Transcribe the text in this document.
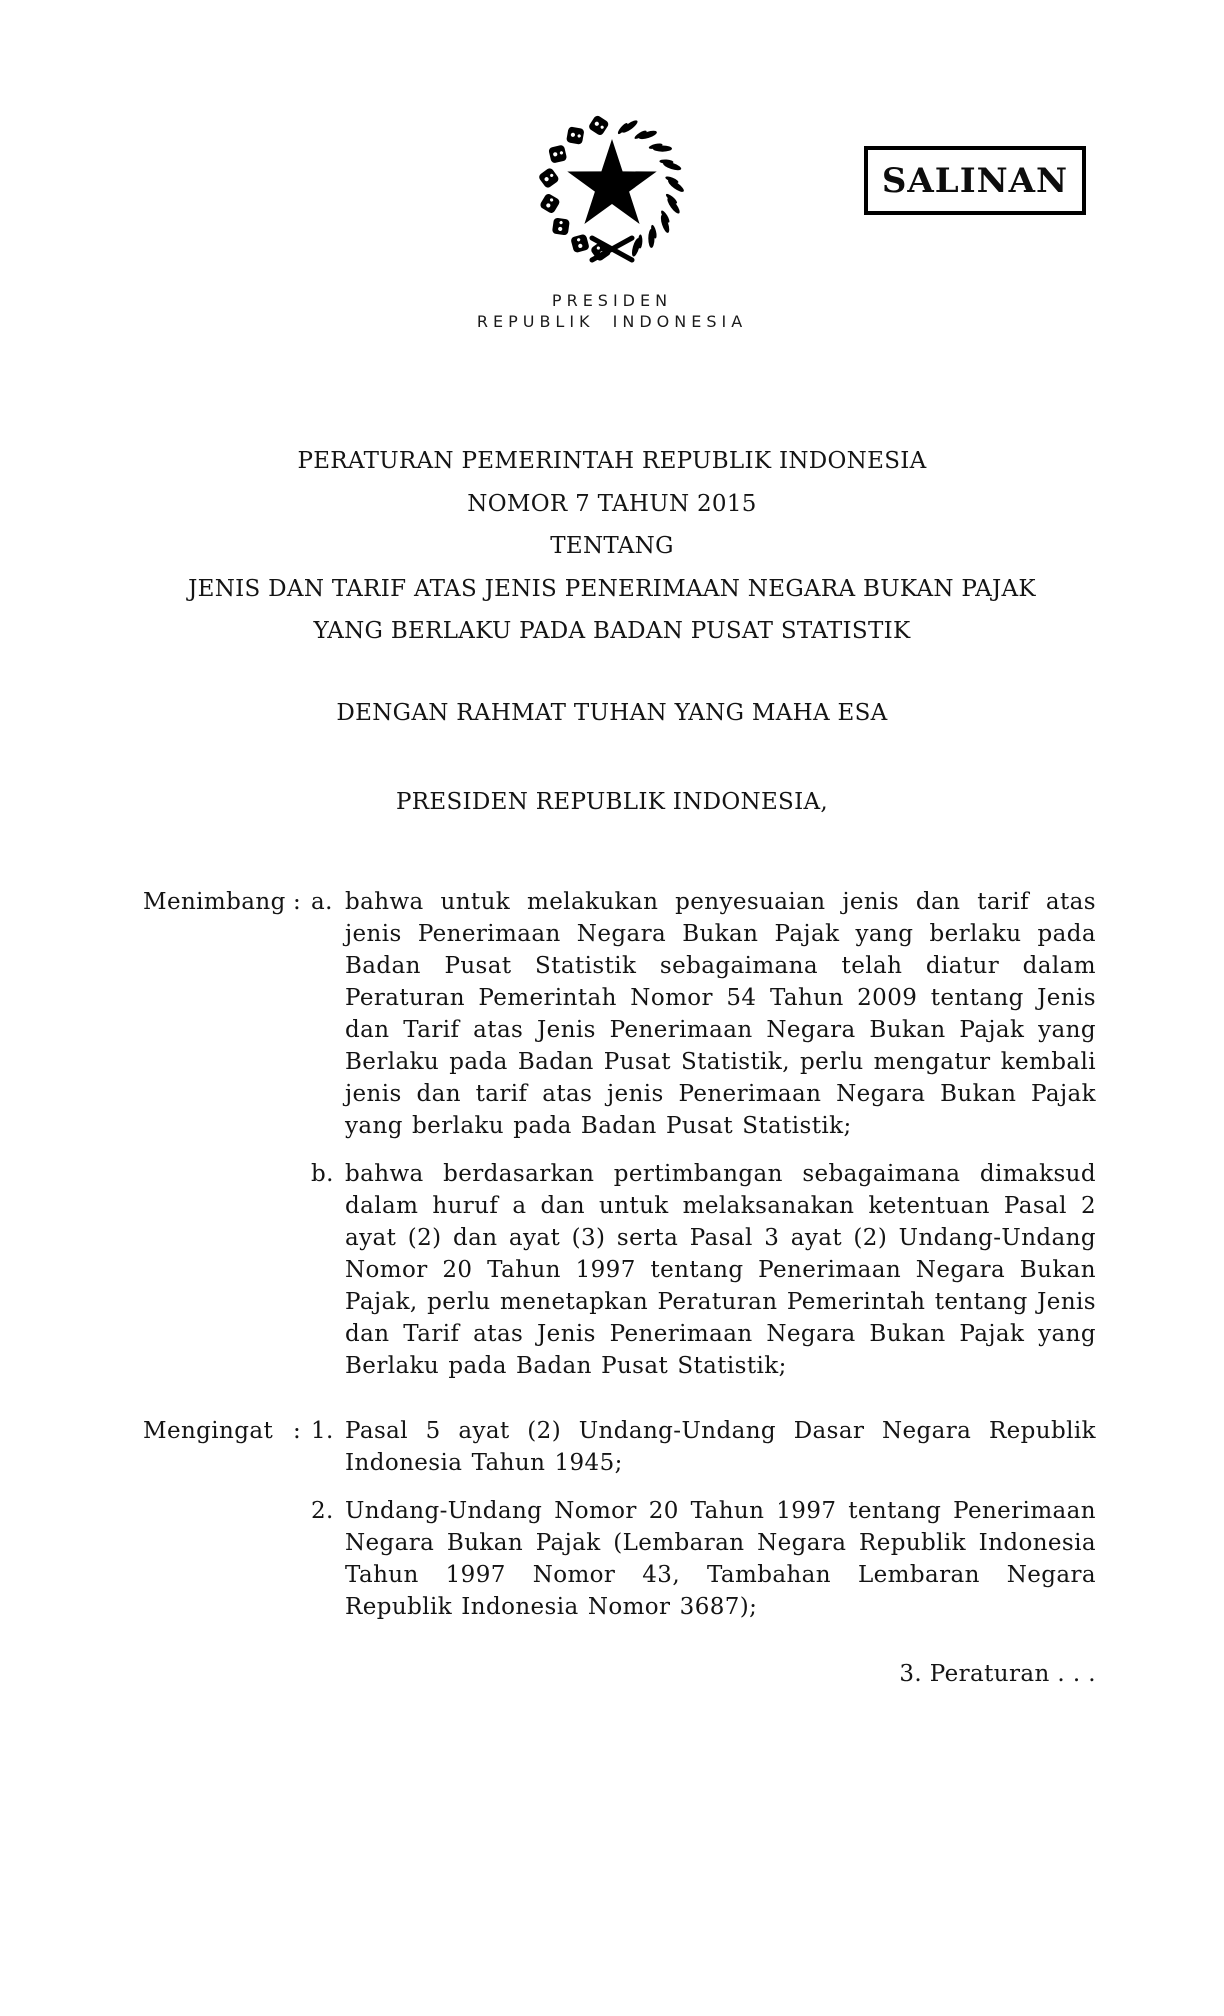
PRESIDEN
REPUBLIK INDONESIA
SALINAN
PERATURAN PEMERINTAH REPUBLIK INDONESIA
NOMOR 7 TAHUN 2015
TENTANG
JENIS DAN TARIF ATAS JENIS PENERIMAAN NEGARA BUKAN PAJAK
YANG BERLAKU PADA BADAN PUSAT STATISTIK
DENGAN RAHMAT TUHAN YANG MAHA ESA
PRESIDEN REPUBLIK INDONESIA,
Menimbang : a. bahwa untuk melakukan penyesuaian jenis dan tarif atas jenis Penerimaan Negara Bukan Pajak yang berlaku pada Badan Pusat Statistik sebagaimana telah diatur dalam Peraturan Pemerintah Nomor 54 Tahun 2009 tentang Jenis dan Tarif atas Jenis Penerimaan Negara Bukan Pajak yang Berlaku pada Badan Pusat Statistik, perlu mengatur kembali jenis dan tarif atas jenis Penerimaan Negara Bukan Pajak yang berlaku pada Badan Pusat Statistik;
b. bahwa berdasarkan pertimbangan sebagaimana dimaksud dalam huruf a dan untuk melaksanakan ketentuan Pasal 2 ayat (2) dan ayat (3) serta Pasal 3 ayat (2) Undang-Undang Nomor 20 Tahun 1997 tentang Penerimaan Negara Bukan Pajak, perlu menetapkan Peraturan Pemerintah tentang Jenis dan Tarif atas Jenis Penerimaan Negara Bukan Pajak yang Berlaku pada Badan Pusat Statistik;
Mengingat : 1. Pasal 5 ayat (2) Undang-Undang Dasar Negara Republik Indonesia Tahun 1945;
2. Undang-Undang Nomor 20 Tahun 1997 tentang Penerimaan Negara Bukan Pajak (Lembaran Negara Republik Indonesia Tahun 1997 Nomor 43, Tambahan Lembaran Negara Republik Indonesia Nomor 3687);
3. Peraturan . . .
